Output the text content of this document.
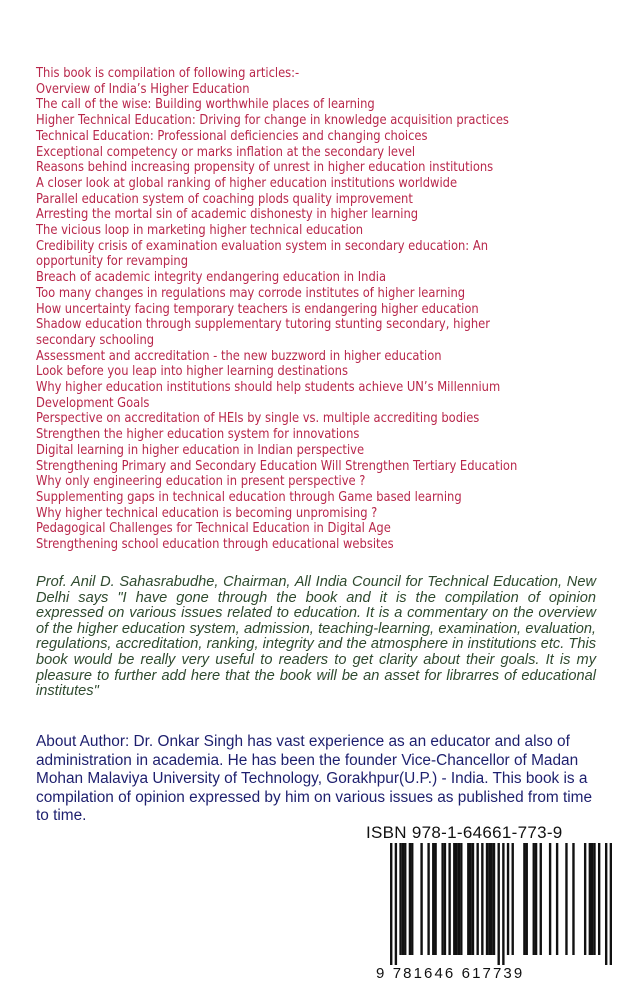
This book is compilation of following articles:-
Overview of India’s Higher Education
The call of the wise: Building worthwhile places of learning
Higher Technical Education: Driving for change in knowledge acquisition practices
Technical Education: Professional deficiencies and changing choices
Exceptional competency or marks inflation at the secondary level
Reasons behind increasing propensity of unrest in higher education institutions
A closer look at global ranking of higher education institutions worldwide
Parallel education system of coaching plods quality improvement
Arresting the mortal sin of academic dishonesty in higher learning
The vicious loop in marketing higher technical education
Credibility crisis of examination evaluation system in secondary education: An opportunity for revamping
Breach of academic integrity endangering education in India
Too many changes in regulations may corrode institutes of higher learning
How uncertainty facing temporary teachers is endangering higher education
Shadow education through supplementary tutoring stunting secondary, higher secondary schooling
Assessment and accreditation - the new buzzword in higher education
Look before you leap into higher learning destinations
Why higher education institutions should help students achieve UN’s Millennium Development Goals
Perspective on accreditation of HEIs by single vs. multiple accrediting bodies
Strengthen the higher education system for innovations
Digital learning in higher education in Indian perspective
Strengthening Primary and Secondary Education Will Strengthen Tertiary Education
Why only engineering education in present perspective ?
Supplementing gaps in technical education through Game based learning
Why higher technical education is becoming unpromising ?
Pedagogical Challenges for Technical Education in Digital Age
Strengthening school education through educational websites
Prof. Anil D. Sahasrabudhe, Chairman, All India Council for Technical Education, New Delhi says "I have gone through the book and it is the compilation of opinion expressed on various issues related to education. It is a commentary on the overview of the higher education system, admission, teaching-learning, examination, evaluation, regulations, accreditation, ranking, integrity and the atmosphere in institutions etc. This book would be really very useful to readers to get clarity about their goals. It is my pleasure to further add here that the book will be an asset for librarres of educational institutes"
About Author: Dr. Onkar Singh has vast experience as an educator and also of administration in academia. He has been the founder Vice-Chancellor of Madan Mohan Malaviya University of Technology, Gorakhpur(U.P.) - India. This book is a compilation of opinion expressed by him on various issues as published from time to time.
ISBN 978-1-64661-773-9
9 781646 617739
